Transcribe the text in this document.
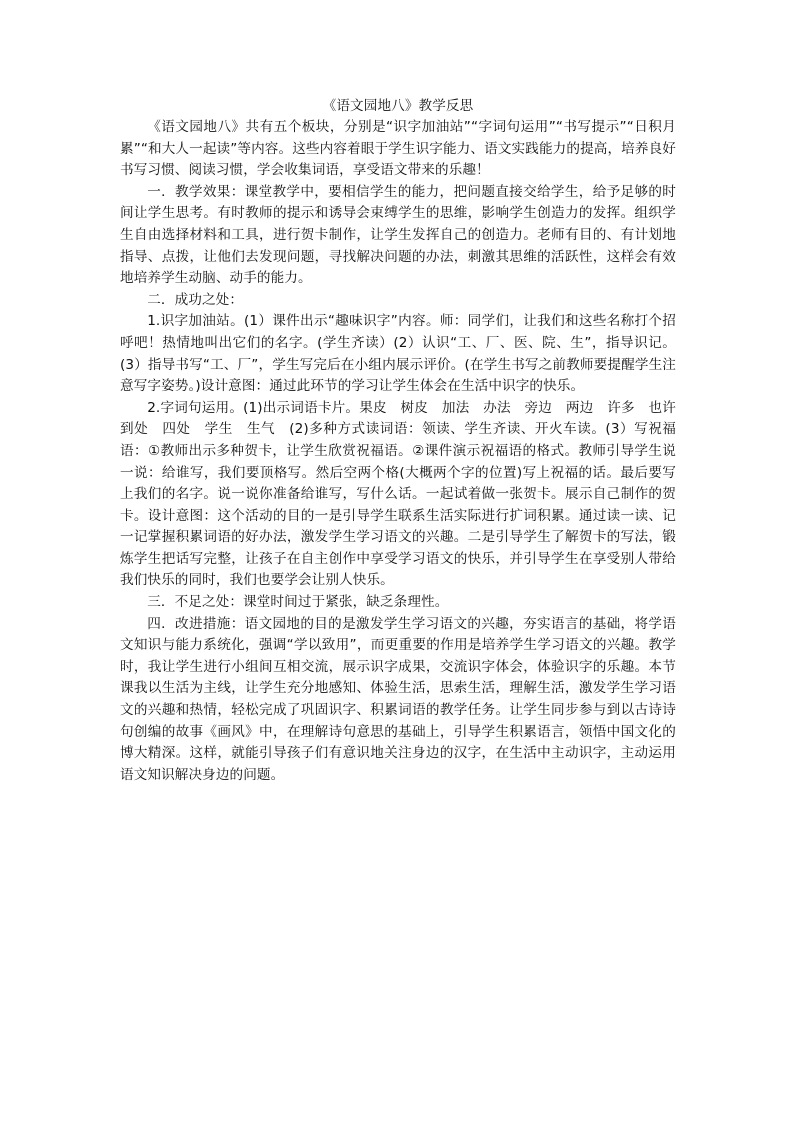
《语文园地八》教学反思

《语文园地八》共有五个板块，分别是“识字加油站”“字词句运用”“书写提示”“日积月累”“和大人一起读”等内容。这些内容着眼于学生识字能力、语文实践能力的提高，培养良好书写习惯、阅读习惯，学会收集词语，享受语文带来的乐趣！

一．教学效果：课堂教学中，要相信学生的能力，把问题直接交给学生，给予足够的时间让学生思考。有时教师的提示和诱导会束缚学生的思维，影响学生创造力的发挥。组织学生自由选择材料和工具，进行贺卡制作，让学生发挥自己的创造力。老师有目的、有计划地指导、点拨，让他们去发现问题，寻找解决问题的办法，刺激其思维的活跃性，这样会有效地培养学生动脑、动手的能力。

二．成功之处：

1.识字加油站。(1）课件出示“趣味识字”内容。师：同学们，让我们和这些名称打个招呼吧！热情地叫出它们的名字。(学生齐读）(2）认识“工、厂、医、院、生”，指导识记。(3）指导书写“工、厂”，学生写完后在小组内展示评价。(在学生书写之前教师要提醒学生注意写字姿势。)设计意图：通过此环节的学习让学生体会在生活中识字的快乐。

2.字词句运用。(1)出示词语卡片。果皮　树皮　加法　办法　旁边　两边　许多　也许　到处　四处　学生　生气　(2)多种方式读词语：领读、学生齐读、开火车读。(3）写祝福语：①教师出示多种贺卡，让学生欣赏祝福语。②课件演示祝福语的格式。教师引导学生说一说：给谁写，我们要顶格写。然后空两个格(大概两个字的位置)写上祝福的话。最后要写上我们的名字。说一说你准备给谁写，写什么话。一起试着做一张贺卡。展示自己制作的贺卡。设计意图：这个活动的目的一是引导学生联系生活实际进行扩词积累。通过读一读、记一记掌握积累词语的好办法，激发学生学习语文的兴趣。二是引导学生了解贺卡的写法，锻炼学生把话写完整，让孩子在自主创作中享受学习语文的快乐，并引导学生在享受别人带给我们快乐的同时，我们也要学会让别人快乐。

三．不足之处：课堂时间过于紧张，缺乏条理性。

四．改进措施：语文园地的目的是激发学生学习语文的兴趣，夯实语言的基础，将学语文知识与能力系统化，强调“学以致用”，而更重要的作用是培养学生学习语文的兴趣。教学时，我让学生进行小组间互相交流，展示识字成果，交流识字体会，体验识字的乐趣。本节课我以生活为主线，让学生充分地感知、体验生活，思索生活，理解生活，激发学生学习语文的兴趣和热情，轻松完成了巩固识字、积累词语的教学任务。让学生同步参与到以古诗诗句创编的故事《画风》中，在理解诗句意思的基础上，引导学生积累语言，领悟中国文化的博大精深。这样，就能引导孩子们有意识地关注身边的汉字，在生活中主动识字，主动运用语文知识解决身边的问题。
